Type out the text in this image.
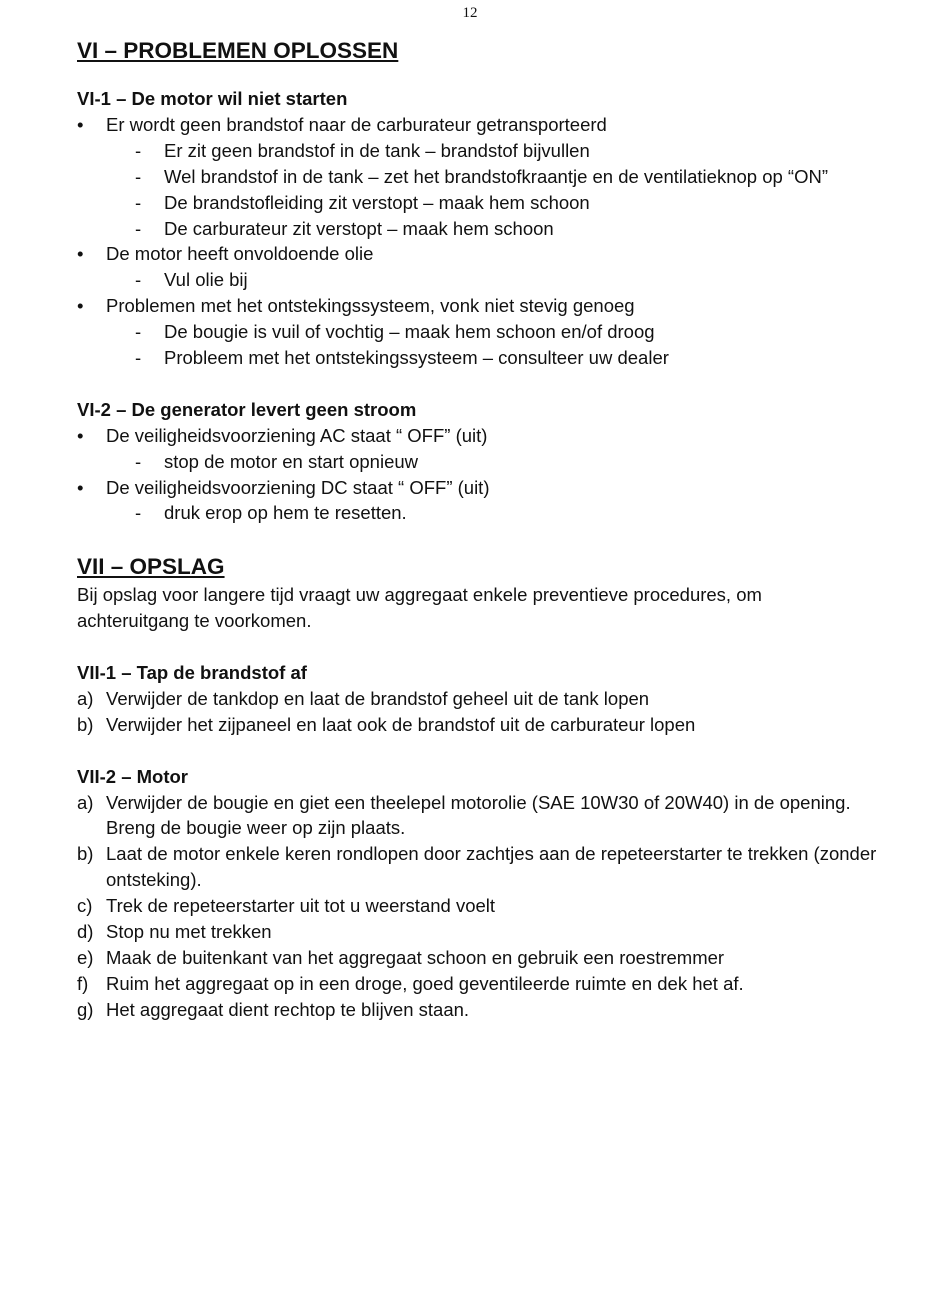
12
VI – PROBLEMEN OPLOSSEN
VI-1 – De motor wil niet starten
•	Er wordt geen brandstof naar de carburateur getransporteerd
-	Er zit geen brandstof in de tank – brandstof bijvullen
-	Wel brandstof in de tank – zet het brandstofkraantje en de ventilatieknop op “ON”
-	De brandstofleiding zit verstopt – maak hem schoon
-	De carburateur zit verstopt – maak hem schoon
•	De motor heeft onvoldoende olie
-	Vul olie bij
•	Problemen met het ontstekingssysteem, vonk niet stevig genoeg
-	De bougie is vuil of vochtig – maak hem schoon en/of droog
-	Probleem met het ontstekingssysteem – consulteer uw dealer
VI-2 – De generator levert geen stroom
•	De veiligheidsvoorziening AC staat “ OFF” (uit)
-	stop de motor en start opnieuw
•	De veiligheidsvoorziening DC staat “ OFF” (uit)
-	druk erop op hem te resetten.
VII – OPSLAG

Bij opslag voor langere tijd vraagt uw aggregaat enkele preventieve procedures, om achteruitgang te voorkomen.

VII-1 – Tap de brandstof af
a) Verwijder de tankdop en laat de brandstof geheel uit de tank lopen
b) Verwijder het zijpaneel en laat ook de brandstof uit de carburateur lopen
VII-2 – Motor
a) Verwijder de bougie en giet een theelepel motorolie (SAE 10W30 of 20W40) in de opening. Breng de bougie weer op zijn plaats.
b) Laat de motor enkele keren rondlopen door zachtjes aan de repeteerstarter te trekken (zonder ontsteking).
c) Trek de repeteerstarter uit tot u weerstand voelt
d) Stop nu met trekken
e) Maak de buitenkant van het aggregaat schoon en gebruik een roestremmer
f) Ruim het aggregaat op in een droge, goed geventileerde ruimte en dek het af.
g) Het aggregaat dient rechtop te blijven staan.
